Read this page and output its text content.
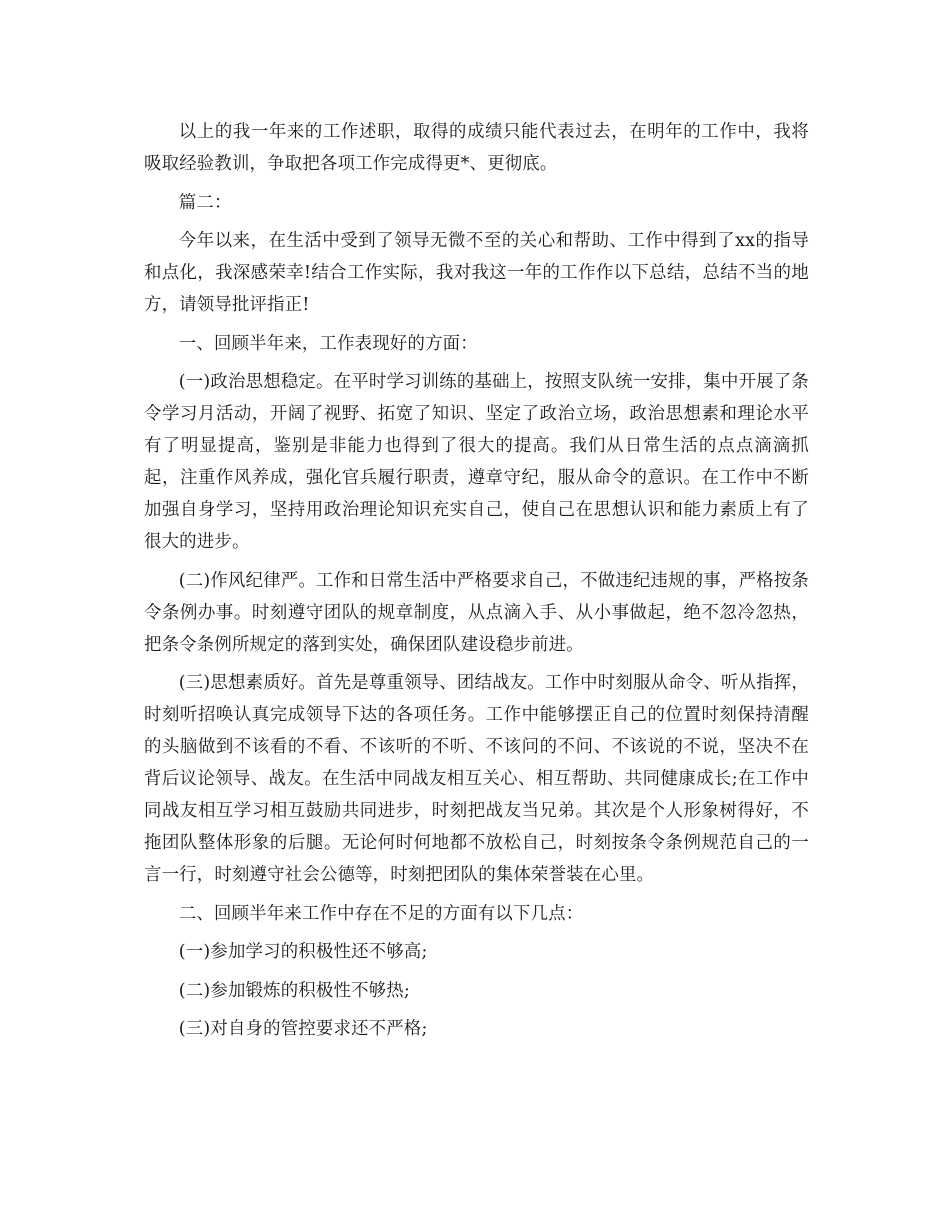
以上的我一年来的工作述职，取得的成绩只能代表过去，在明年的工作中，我将吸取经验教训，争取把各项工作完成得更*、更彻底。

篇二：

今年以来，在生活中受到了领导无微不至的关心和帮助、工作中得到了xx的指导和点化，我深感荣幸!结合工作实际，我对我这一年的工作作以下总结，总结不当的地方，请领导批评指正!

一、回顾半年来，工作表现好的方面：

(一)政治思想稳定。在平时学习训练的基础上，按照支队统一安排，集中开展了条令学习月活动，开阔了视野、拓宽了知识、坚定了政治立场，政治思想素和理论水平有了明显提高，鉴别是非能力也得到了很大的提高。我们从日常生活的点点滴滴抓起，注重作风养成，强化官兵履行职责，遵章守纪，服从命令的意识。在工作中不断加强自身学习，坚持用政治理论知识充实自己，使自己在思想认识和能力素质上有了很大的进步。

(二)作风纪律严。工作和日常生活中严格要求自己，不做违纪违规的事，严格按条令条例办事。时刻遵守团队的规章制度，从点滴入手、从小事做起，绝不忽冷忽热，把条令条例所规定的落到实处，确保团队建设稳步前进。

(三)思想素质好。首先是尊重领导、团结战友。工作中时刻服从命令、听从指挥，时刻听招唤认真完成领导下达的各项任务。工作中能够摆正自己的位置时刻保持清醒的头脑做到不该看的不看、不该听的不听、不该问的不问、不该说的不说，坚决不在背后议论领导、战友。在生活中同战友相互关心、相互帮助、共同健康成长;在工作中同战友相互学习相互鼓励共同进步，时刻把战友当兄弟。其次是个人形象树得好，不拖团队整体形象的后腿。无论何时何地都不放松自己，时刻按条令条例规范自己的一言一行，时刻遵守社会公德等，时刻把团队的集体荣誉装在心里。

二、回顾半年来工作中存在不足的方面有以下几点：

(一)参加学习的积极性还不够高;

(二)参加锻炼的积极性不够热;

(三)对自身的管控要求还不严格;
